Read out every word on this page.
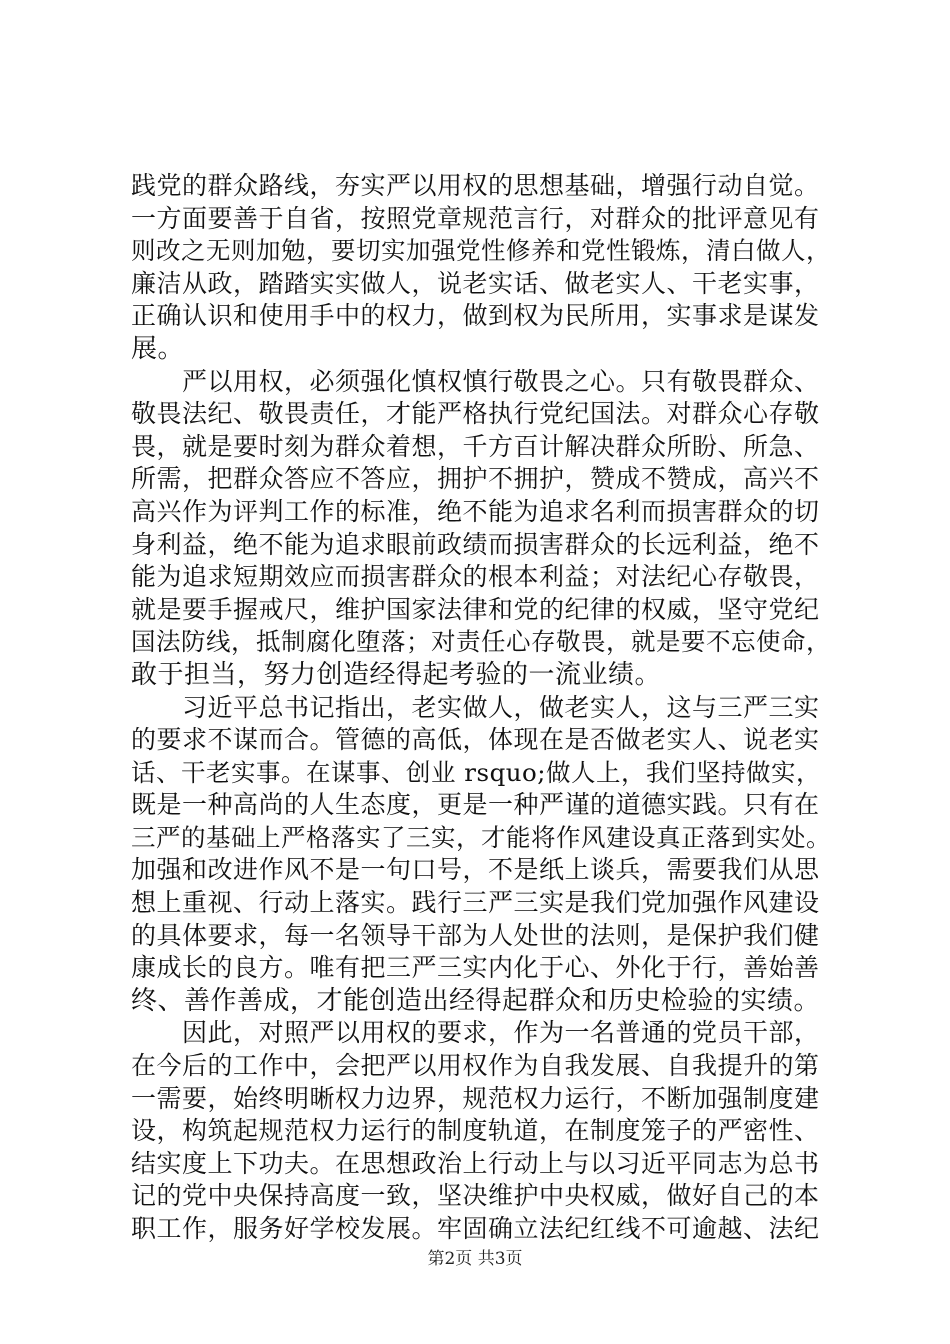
践党的群众路线，夯实严以用权的思想基础，增强行动自觉。
一方面要善于自省，按照党章规范言行，对群众的批评意见有
则改之无则加勉，要切实加强党性修养和党性锻炼，清白做人，
廉洁从政，踏踏实实做人，说老实话、做老实人、干老实事，
正确认识和使用手中的权力，做到权为民所用，实事求是谋发
展。
　　严以用权，必须强化慎权慎行敬畏之心。只有敬畏群众、
敬畏法纪、敬畏责任，才能严格执行党纪国法。对群众心存敬
畏，就是要时刻为群众着想，千方百计解决群众所盼、所急、
所需，把群众答应不答应，拥护不拥护，赞成不赞成，高兴不
高兴作为评判工作的标准，绝不能为追求名利而损害群众的切
身利益，绝不能为追求眼前政绩而损害群众的长远利益，绝不
能为追求短期效应而损害群众的根本利益；对法纪心存敬畏，
就是要手握戒尺，维护国家法律和党的纪律的权威，坚守党纪
国法防线，抵制腐化堕落；对责任心存敬畏，就是要不忘使命，
敢于担当，努力创造经得起考验的一流业绩。
　　习近平总书记指出，老实做人，做老实人，这与三严三实
的要求不谋而合。管德的高低，体现在是否做老实人、说老实
话、干老实事。在谋事、创业 rsquo;做人上，我们坚持做实，
既是一种高尚的人生态度，更是一种严谨的道德实践。只有在
三严的基础上严格落实了三实，才能将作风建设真正落到实处。
加强和改进作风不是一句口号，不是纸上谈兵，需要我们从思
想上重视、行动上落实。践行三严三实是我们党加强作风建设
的具体要求，每一名领导干部为人处世的法则，是保护我们健
康成长的良方。唯有把三严三实内化于心、外化于行，善始善
终、善作善成，才能创造出经得起群众和历史检验的实绩。
　　因此，对照严以用权的要求，作为一名普通的党员干部，
在今后的工作中，会把严以用权作为自我发展、自我提升的第
一需要，始终明晰权力边界，规范权力运行，不断加强制度建
设，构筑起规范权力运行的制度轨道，在制度笼子的严密性、
结实度上下功夫。在思想政治上行动上与以习近平同志为总书
记的党中央保持高度一致，坚决维护中央权威，做好自己的本
职工作，服务好学校发展。牢固确立法纪红线不可逾越、法纪
第2页 共3页
